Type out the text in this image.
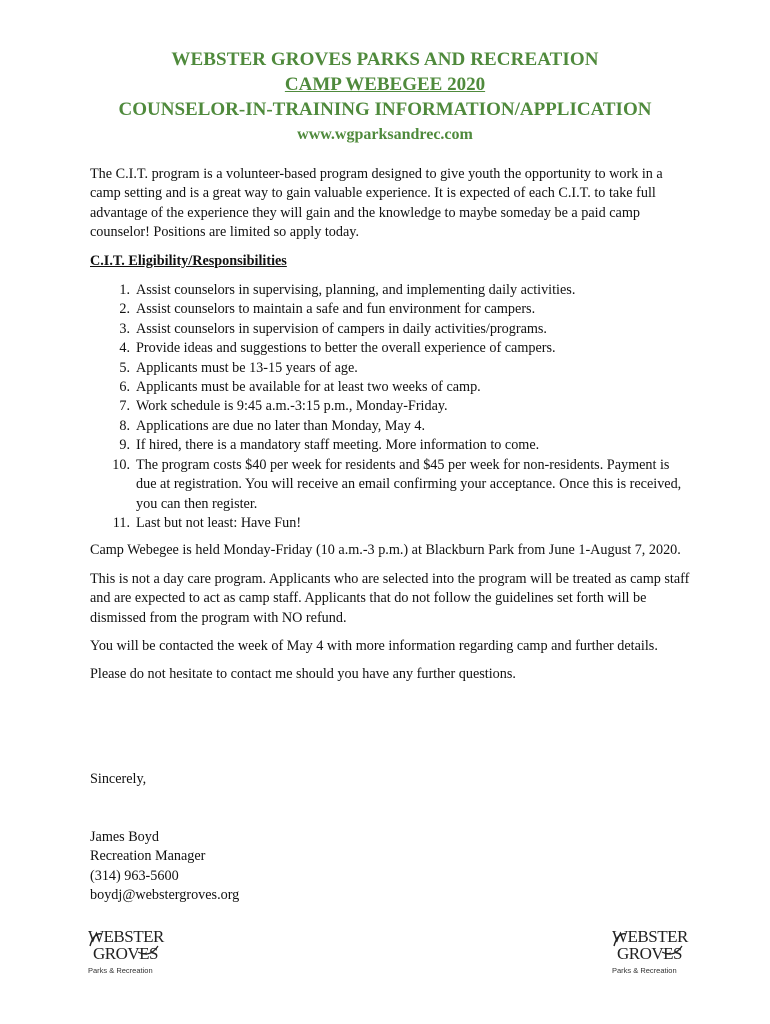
WEBSTER GROVES PARKS AND RECREATION
CAMP WEBEGEE 2020
COUNSELOR-IN-TRAINING INFORMATION/APPLICATION
www.wgparksandrec.com

The C.I.T. program is a volunteer-based program designed to give youth the opportunity to work in a camp setting and is a great way to gain valuable experience. It is expected of each C.I.T. to take full advantage of the experience they will gain and the knowledge to maybe someday be a paid camp counselor! Positions are limited so apply today.

C.I.T. Eligibility/Responsibilities
1. Assist counselors in supervising, planning, and implementing daily activities.
2. Assist counselors to maintain a safe and fun environment for campers.
3. Assist counselors in supervision of campers in daily activities/programs.
4. Provide ideas and suggestions to better the overall experience of campers.
5. Applicants must be 13-15 years of age.
6. Applicants must be available for at least two weeks of camp.
7. Work schedule is 9:45 a.m.-3:15 p.m., Monday-Friday.
8. Applications are due no later than Monday, May 4.
9. If hired, there is a mandatory staff meeting. More information to come.
10. The program costs $40 per week for residents and $45 per week for non-residents. Payment is due at registration. You will receive an email confirming your acceptance. Once this is received, you can then register.
11. Last but not least: Have Fun!

Camp Webegee is held Monday-Friday (10 a.m.-3 p.m.) at Blackburn Park from June 1-August 7, 2020.

This is not a day care program. Applicants who are selected into the program will be treated as camp staff and are expected to act as camp staff. Applicants that do not follow the guidelines set forth will be dismissed from the program with NO refund.

You will be contacted the week of May 4 with more information regarding camp and further details.

Please do not hesitate to contact me should you have any further questions.

Sincerely,
James Boyd
Recreation Manager
(314) 963-5600
boydj@webstergroves.org
WEBSTER
GROVES
Parks & Recreation
WEBSTER
GROVES
Parks & Recreation
